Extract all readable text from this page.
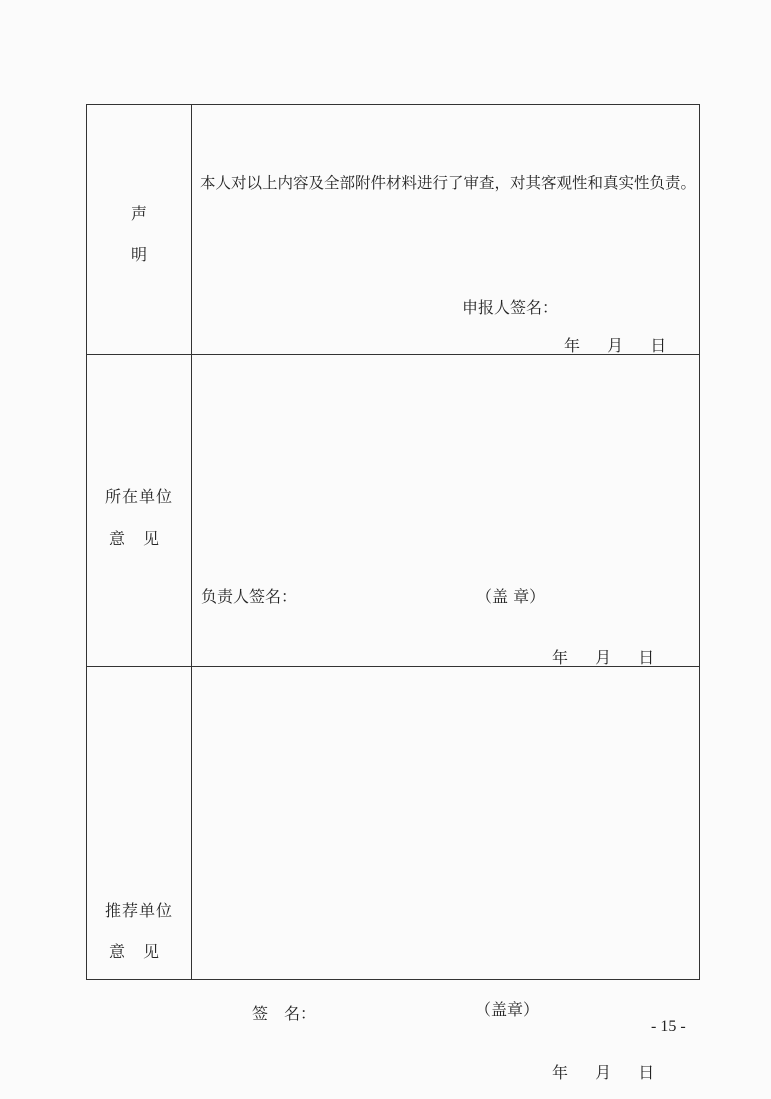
声
明
本人对以上内容及全部附件材料进行了审查，对其客观性和真实性负责。
申报人签名：
年 月 日
所在单位
意　见
负责人签名：	（盖 章）
年 月 日
推荐单位
意　见
签　名：	（盖章）
年 月 日
- 15 -
